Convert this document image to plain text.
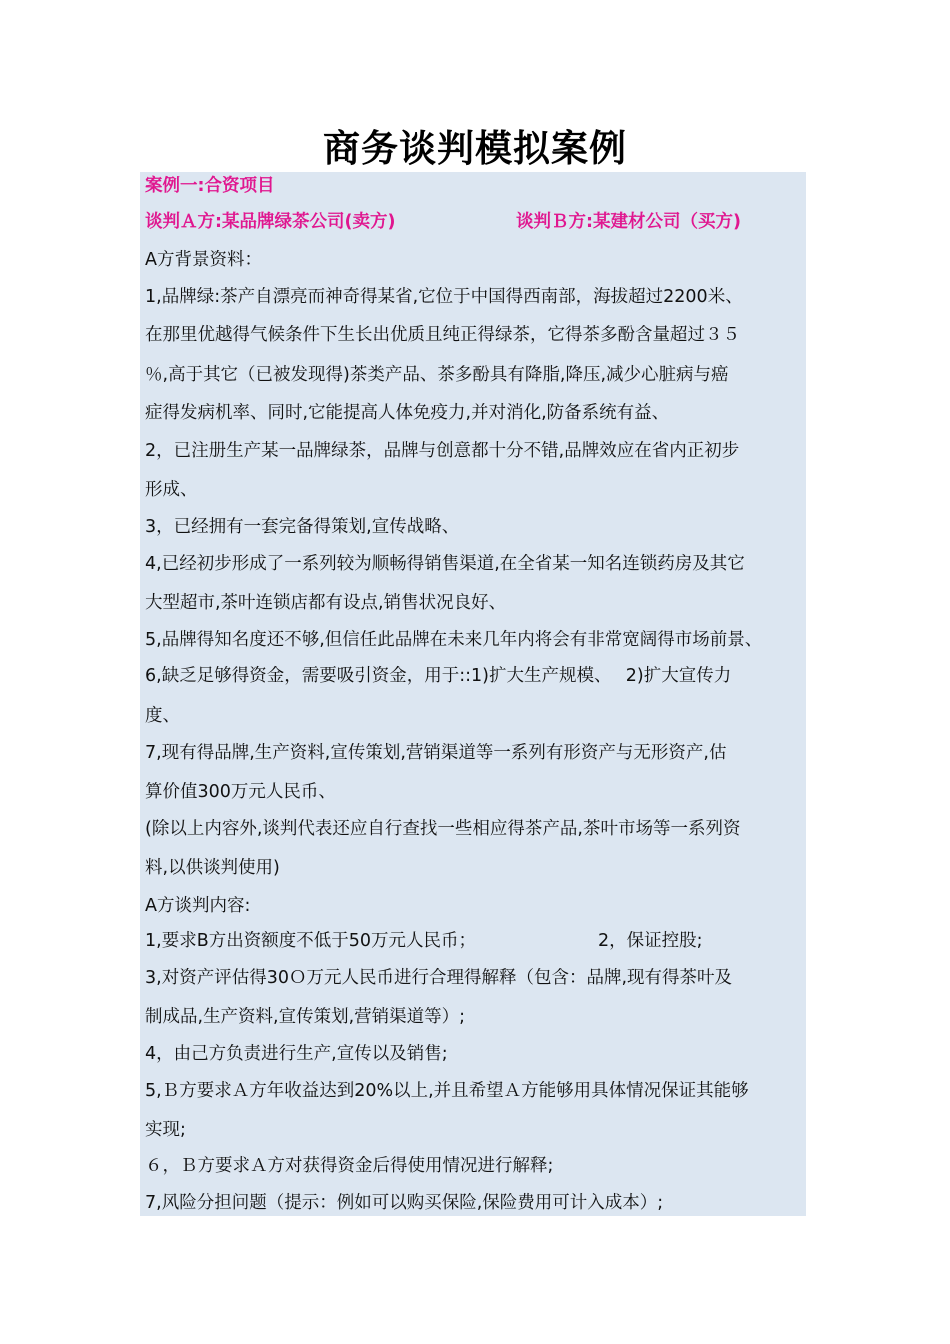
商务谈判模拟案例
案例一:合资项目
谈判Ａ方:某品牌绿茶公司(卖方)	谈判Ｂ方:某建材公司（买方)
A方背景资料：
1,品牌绿:茶产自漂亮而神奇得某省,它位于中国得西南部，海拔超过2200米、
在那里优越得气候条件下生长出优质且纯正得绿茶，它得茶多酚含量超过３５
％,高于其它（已被发现得)茶类产品、茶多酚具有降脂,降压,减少心脏病与癌
症得发病机率、同时,它能提高人体免疫力,并对消化,防备系统有益、
2，已注册生产某一品牌绿茶，品牌与创意都十分不错,品牌效应在省内正初步
形成、
3，已经拥有一套完备得策划,宣传战略、
4,已经初步形成了一系列较为顺畅得销售渠道,在全省某一知名连锁药房及其它
大型超市,茶叶连锁店都有设点,销售状况良好、
5,品牌得知名度还不够,但信任此品牌在未来几年内将会有非常宽阔得市场前景、
6,缺乏足够得资金，需要吸引资金，用于::1)扩大生产规模、　 2)扩大宣传力
度、
7,现有得品牌,生产资料,宣传策划,营销渠道等一系列有形资产与无形资产,估
算价值300万元人民币、
(除以上内容外,谈判代表还应自行查找一些相应得茶产品,茶叶市场等一系列资
料,以供谈判使用)
A方谈判内容:
1,要求B方出资额度不低于50万元人民币；	2，保证控股;
3,对资产评估得30Ｏ万元人民币进行合理得解释（包含：品牌,现有得茶叶及
制成品,生产资料,宣传策划,营销渠道等）;
4，由己方负责进行生产,宣传以及销售;
5,Ｂ方要求Ａ方年收益达到20%以上,并且希望Ａ方能够用具体情况保证其能够
实现;
６，Ｂ方要求Ａ方对获得资金后得使用情况进行解释;
7,风险分担问题（提示：例如可以购买保险,保险费用可计入成本）;
